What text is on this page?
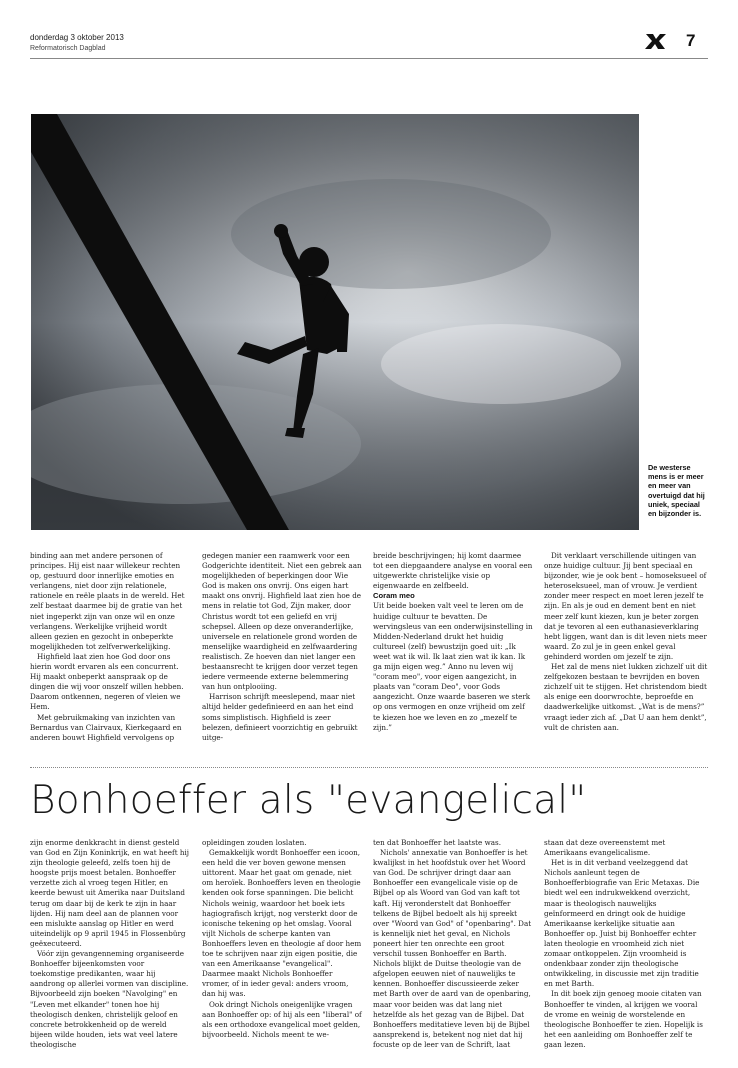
donderdag 3 oktober 2013
Reformatorisch Dagblad	7
De westerse mens is er meer en meer van overtuigd dat hij uniek, speciaal en bijzonder is.

binding aan met andere personen of principes. Hij eist naar willekeur rechten op, gestuurd door innerlijke emoties en verlangens, niet door zijn relationele, rationele en reële plaats in de wereld. Het zelf bestaat daarmee bij de gratie van het niet ingeperkt zijn van onze wil en onze verlangens. Werkelijke vrijheid wordt alleen gezien en gezocht in onbeperkte mogelijkheden tot zelfverwerkelijking.

Highfield laat zien hoe God door ons hierin wordt ervaren als een concurrent. Hij maakt onbeperkt aanspraak op de dingen die wij voor onszelf willen hebben. Daarom ontkennen, negeren of vleien we Hem.

Met gebruikmaking van inzichten van Bernardus van Clairvaux, Kierkegaard en anderen bouwt Highfield vervolgens op

gedegen manier een raamwerk voor een Godgerichte identiteit. Niet een gebrek aan mogelijkheden of beperkingen door Wie God is maken ons onvrij. Ons eigen hart maakt ons onvrij. Highfield laat zien hoe de mens in relatie tot God, Zijn maker, door Christus wordt tot een geliefd en vrij schepsel. Alleen op deze onveranderlijke, universele en relationele grond worden de menselijke waardigheid en zelfwaardering realistisch. Ze hoeven dan niet langer een bestaansrecht te krijgen door verzet tegen iedere vermeende externe belemmering van hun ontplooiing.

Harrison schrijft meeslepend, maar niet altijd helder gedefinieerd en aan het eind soms simplistisch. Highfield is zeer belezen, definieert voorzichtig en gebruikt uitge-

breide beschrijvingen; hij komt daarmee tot een diepgaandere analyse en vooral een uitgewerkte christelijke visie op eigenwaarde en zelfbeeld.

Coram meo

Uit beide boeken valt veel te leren om de huidige cultuur te bevatten. De wervingsleus van een onderwijsinstelling in Midden-Nederland drukt het huidig cultureel (zelf) bewustzijn goed uit: „Ik weet wat ik wil. Ik laat zien wat ik kan. Ik ga mijn eigen weg.” Anno nu leven wij "coram meo", voor eigen aangezicht, in plaats van "coram Deo", voor Gods aangezicht. Onze waarde baseren we sterk op ons vermogen en onze vrijheid om zelf te kiezen hoe we leven en zo „mezelf te zijn.”

Dit verklaart verschillende uitingen van onze huidige cultuur. Jij bent speciaal en bijzonder, wie je ook bent – homoseksueel of heteroseksueel, man of vrouw. Je verdient zonder meer respect en moet leren jezelf te zijn. En als je oud en dement bent en niet meer zelf kunt kiezen, kun je beter zorgen dat je tevoren al een euthanasieverklaring hebt liggen, want dan is dit leven niets meer waard. Zo zul je in geen enkel geval gehinderd worden om jezelf te zijn.

Het zal de mens niet lukken zichzelf uit dit zelfgekozen bestaan te bevrijden en boven zichzelf uit te stijgen. Het christendom biedt als enige een doorwrochte, beproefde en daadwerkelijke uitkomst. „Wat is de mens?” vraagt ieder zich af. „Dat U aan hem denkt”, vult de christen aan.

Bonhoeffer als "evangelical"

zijn enorme denkkracht in dienst gesteld van God en Zijn Koninkrijk, en wat heeft hij zijn theologie geleefd, zelfs toen hij de hoogste prijs moest betalen. Bonhoeffer verzette zich al vroeg tegen Hitler, en keerde bewust uit Amerika naar Duitsland terug om daar bij de kerk te zijn in haar lijden. Hij nam deel aan de plannen voor een mislukte aanslag op Hitler en werd uiteindelijk op 9 april 1945 in Flossenbürg geëxecuteerd.

Vóór zijn gevangenneming organiseerde Bonhoeffer bijeenkomsten voor toekomstige predikanten, waar hij aandrong op allerlei vormen van discipline. Bijvoorbeeld zijn boeken "Navolging" en "Leven met elkander" tonen hoe hij theologisch denken, christelijk geloof en concrete betrokkenheid op de wereld bijeen wilde houden, iets wat veel latere theologische

opleidingen zouden loslaten.

Gemakkelijk wordt Bonhoeffer een icoon, een held die ver boven gewone mensen uittorent. Maar het gaat om genade, niet om heroïek. Bonhoeffers leven en theologie kenden ook forse spanningen. Die belicht Nichols weinig, waardoor het boek iets hagiografisch krijgt, nog versterkt door de iconische tekening op het omslag. Vooral vijlt Nichols de scherpe kanten van Bonhoeffers leven en theologie af door hem toe te schrijven naar zijn eigen positie, die van een Amerikaanse "evangelical". Daarmee maakt Nichols Bonhoeffer vromer, of in ieder geval: anders vroom, dan hij was.

Ook dringt Nichols oneigenlijke vragen aan Bonhoeffer op: of hij als een "liberal" of als een orthodoxe evangelical moet gelden, bijvoorbeeld. Nichols meent te we-

ten dat Bonhoeffer het laatste was.

Nichols' annexatie van Bonhoeffer is het kwalijkst in het hoofdstuk over het Woord van God. De schrijver dringt daar aan Bonhoeffer een evangelicale visie op de Bijbel op als Woord van God van kaft tot kaft. Hij veronderstelt dat Bonhoeffer telkens de Bijbel bedoelt als hij spreekt over "Woord van God" of "openbaring". Dat is kennelijk niet het geval, en Nichols poneert hier ten onrechte een groot verschil tussen Bonhoeffer en Barth. Nichols blijkt de Duitse theologie van de afgelopen eeuwen niet of nauwelijks te kennen. Bonhoeffer discussieerde zeker met Barth over de aard van de openbaring, maar voor beiden was dat lang niet hetzelfde als het gezag van de Bijbel. Dat Bonhoeffers meditatieve leven bij de Bijbel aansprekend is, betekent nog niet dat hij focuste op de leer van de Schrift, laat

staan dat deze overeenstemt met Amerikaans evangelicalisme.

Het is in dit verband veelzeggend dat Nichols aanleunt tegen de Bonhoefferbiografie van Eric Metaxas. Die biedt wel een indrukwekkend overzicht, maar is theologisch nauwelijks geïnformeerd en dringt ook de huidige Amerikaanse kerkelijke situatie aan Bonhoeffer op. Juist bij Bonhoeffer echter laten theologie en vroomheid zich niet zomaar ontkoppelen. Zijn vroomheid is ondenkbaar zonder zijn theologische ontwikkeling, in discussie met zijn traditie en met Barth.

In dit boek zijn genoeg mooie citaten van Bonhoeffer te vinden, al krijgen we vooral de vrome en weinig de worstelende en theologische Bonhoeffer te zien. Hopelijk is het een aanleiding om Bonhoeffer zelf te gaan lezen.
